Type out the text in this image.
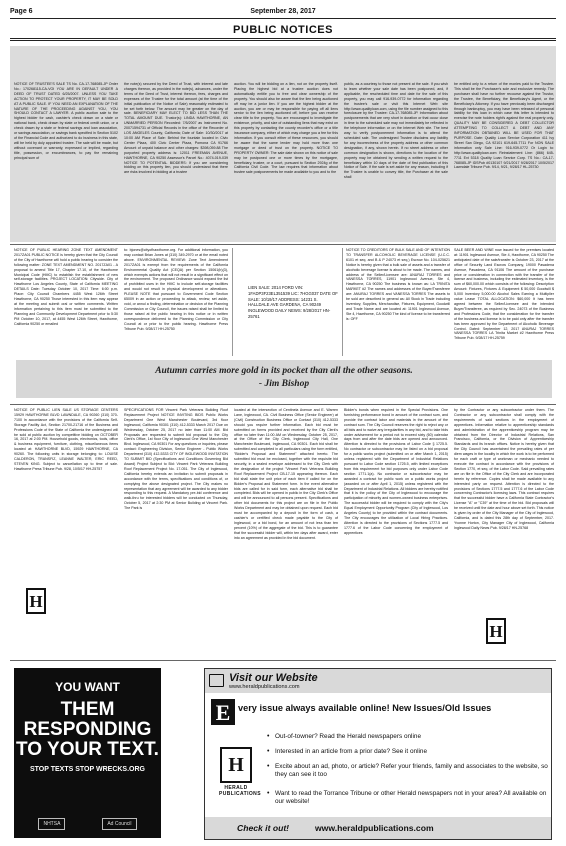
Page 6	September 28, 2017
PUBLIC NOTICES
NOTICE OF TRUSTEE'S SALE TS No. CA-17-768085-JP Order No.: 170268115-CA-VOI YOU ARE IN DEFAULT UNDER A DEED OF TRUST DATED 6/25/2007. UNLESS YOU TAKE ACTION TO PROTECT YOUR PROPERTY, IT MAY BE SOLD AT A PUBLIC SALE. IF YOU NEED AN EXPLANATION OF THE NATURE OF THE PROCEEDING AGAINST YOU, YOU SHOULD CONTACT A LAWYER. A public auction sale to the highest bidder for cash, cashier's check drawn on a state or national bank, check drawn by state or federal credit union, or a check drawn by a state or federal savings and loan association, or savings association, or savings bank specified in Section 5102 of the Financial Code and authorized to do business in this state, will be held by duly appointed trustee. The sale will be made, but without covenant or warranty, expressed or implied, regarding title, possession, or encumbrances, to pay the remaining principal sum of
the note(s) secured by the Deed of Trust, with interest and late charges thereon, as provided in the note(s), advances, under the terms of the Deed of Trust, interest thereon, fees, charges and expenses of the Trustee for the total amount (at the time of the initial publication of the Notice of Sale) reasonably estimated to be set forth below. The amount may be greater on the day of sale. BENEFICIARY MAY ELECT TO BID LESS THAN THE TOTAL AMOUNT DUE. Trustor(s): LINDA HAWTHORNE, AN UNMARRIED PERSON Recorded: 7/5/2007 as Instrument No. 20071594731 of Official Records in the office of the Recorder of LOS ANGELES County, California; Date of Sale: 10/30/2017 at 10:00 AM Place of Sale: Behind the fountain located in Civic Center Plaza, 400 Civic Center Plaza, Pomona CA 91766 Amount of unpaid balance and other charges: $398,059.88 The purported property address is: 12011 FREEMAN AVENUE, HAWTHORNE, CA 90250 Assessor's Parcel No.: 4074-019-039 NOTICE TO POTENTIAL BIDDERS: If you are considering bidding on this property lien, you should understand that there are risks involved in bidding at a trustee
auction. You will be bidding on a lien, not on the property itself. Placing the highest bid at a trustee auction does not automatically entitle you to free and clear ownership of the property. You should also be aware that the lien being auctioned off may be a junior lien. If you are the highest bidder at the auction, you are or may be responsible for paying off all liens senior to the lien being auctioned off, before you can receive clear title to the property. You are encouraged to investigate the existence, priority, and size of outstanding liens that may exist on this property by contacting the county recorder's office or a title insurance company, either of which may charge you a fee for this information. If you consult either of these resources, you should be aware that the same lender may hold more than one mortgage or deed of trust on the property. NOTICE TO PROPERTY OWNER: The sale date shown on this notice of sale may be postponed one or more times by the mortgagee, beneficiary, trustee, or a court, pursuant to Section 2924g of the California Civil Code. The law requires that information about trustee sale postponements be made available to you and to the
public, as a courtesy to those not present at the sale. If you wish to learn whether your sale date has been postponed, and, if applicable, the rescheduled time and date for the sale of this property, you may call 916-939-0772 for information regarding the trustee's sale or visit this Internet Web site http://www.qualityloan.com, using the file number assigned to this foreclosure by the Trustee: CA-17-768085-JP. Information about postponements that are very short in duration or that occur close in time to the scheduled sale may not immediately be reflected in the telephone information or on the Internet Web site. The best way to verify postponement information is to attend the scheduled sale. The undersigned Trustee disclaims any liability for any incorrectness of the property address or other common designation, if any, shown herein. If no street address or other common designation is shown, directions to the location of the property may be obtained by sending a written request to the beneficiary within 10 days of the date of first publication of this Notice of Sale. If the sale is set aside for any reason, including if the Trustee is unable to convey title, the Purchaser at the sale shall
be entitled only to a return of the monies paid to the Trustee. This shall be the Purchaser's sole and exclusive remedy. The purchaser shall have no further recourse against the Trustor, the Trustee, the Beneficiary, the Beneficiary's Agent, or the Beneficiary's Attorney. If you have previously been discharged through bankruptcy, you may have been released of personal liability for this loan in which case this letter is intended to exercise the note holders right's against the real property only. QUALITY MAY BE CONSIDERED A DEBT COLLECTOR ATTEMPTING TO COLLECT A DEBT AND ANY INFORMATION OBTAINED WILL BE USED FOR THAT PURPOSE. Date: Quality Loan Service Corporation 411 Ivy Street San Diego, CA 92101 619-645-7711 For NON SALE information only Sale Line: 916-939-0772 Or Login to: http://www.qualityloan.com Reinstatement Line: (866) 645-7711 Ext 5318 Quality Loan Service Corp. TS No.: CA-17-768085-JP IDSPub #0130107 9/21/2017 9/28/2017 10/5/2017 Lawndale Tribune Pub. 9/14, 9/21, 9/28/17 HL-25730
NOTICE OF PUBLIC HEARING ZONE TEXT AMENDMENT 2017ZA01 PUBLIC NOTICE is hereby given that the City Council of the City of Hawthorne will hold a public hearing to consider the following matter: ZONE TEXT AMENDMENT NO. 2017ZA01 - A proposal to amend Title 17, Chapter 17.10, of the Hawthorne Municipal Code (HMC) to establish the establishment of new self-storage facilities. PROJECT LOCATION: Citywide. City of Hawthorne Los Angeles County, State of California MEETING DETAILS Date: Tuesday October 10, 2017 Time: 6:00 p.m. Place: City Council Chambers 4455 West 126th Street Hawthorne, CA 90250 Those interested in this item may appear at the meeting and submit oral or written comments. Written information pertaining to this item must be submitted to the Planning and Community Development Department prior to 5:30 PM October 10, 2017, at 4455 West 126th Street, Hawthorne, California 90250 or emailed
to: bjones@cityofhawthorne.org. For additional information, you may contact Brian Jones at (310) 349-2970 or at the email noted above. ENVIRONMENTAL REVIEW: Zone Text Amendment 2017ZA01 is exempt from the requirements of the California Environmental Quality Act (CEQA) per Section 15061(b)(3), which exempts actions that will not result in a significant effect on the environment. The proposed Ordinance would expand the list of prohibited uses in the HMC to include self-storage facilities and would not result in physical development or alterations. PLEASE NOTE that pursuant to Government Code Section 65009 in an action or proceeding to attack, review, set aside, void, or annul a finding, determination or decision of the Planning Commission or City Council, the issues raised shall be limited to those raised at the public hearing in this notice or in written correspondence delivered to the Planning Commission or City Council at or prior to the public hearing. Hawthorne Press Tribune Pub. 9/28/17 HH-25750
LIEN SALE: 2014 FORD VIN: 1FADP3F23EL351539 LIC: 7HGG037 DATE OF SALE: 10/19/17 ADDRESS: 14231 S. HALLDALE AVE GARDENA, CA 90249 INGLEWOOD DAILY NEWS: 9/28/2017 HN-25761
NOTICE TO CREDITORS OF BULK SALE AND OF INTENTION TO TRANSFER ALCOHOLIC BEVERAGE LICENSE (U.C.C. 6101 et seq. and B & P 24073 et seq.) Escrow No. 104-025621 Notice is hereby given that a bulk sale of assets and a transfer of alcoholic beverage license is about to be made. The names, and address of the Seller/Licensee are: ANURAJ TORRES and VANESSA TORRES, 11901 Inglewood Avenue, Ste 4, Hawthorne, CA 90250 The business is known as: LA TRINITA MARKET #2 The names and addresses of the Buyer/Transferee are: ANURAJ TORRES and VANESSA TORRES The assets to be sold are described in general as: All Stock in Trade including inventory, Supplies, Merchandise, Fixtures, Equipment, Goodwill and Trade Name and are located at: 11901 Inglewood Avenue, Ste 4, Hawthorne, CA 90250 The kind of license to be transferred is: OFF
SALE BEER AND WINE now issued for the premises located at: 11901 Inglewood Avenue, Ste 4, Hawthorne, CA 90250 The anticipated date of the sale/transfer is October 23, 2017 at the office of Security Land Escrow Company, 19000 Pasadena Avenue, Pasadena, CA 91106 The amount of the purchase price or consideration in connection with the transfer of the license and business, including the estimated inventory, is the sum of $60,000.00 which consists of the following: Description Amount: Fixtures, Fixtures & Equipment $ 50,000 Goodwill $ 5,000 Inventory 5,000.00 Alcohol Sales Earning a Multiplier value Lease TOTAL ALLOCATION: $60,000 It has been agreed between the Seller/Licensee and the intended Buyer/Transferee, as required by Sec. 24073 of the Business and Professions Code, that the consideration for the transfer of the business and license is to be paid only after the transfer has been approved by the Department of Alcoholic Beverage Control. Dated: September 12, 2017 ANURAJ TORRES VANESSA TORRES LA Trinita Market #2 Hawthorne Press Tribune Pub. 9/28/17 HH-25759
Autumn carries more gold in its pocket than all the other seasons.
- Jim Bishop
NOTICE OF PUBLIC LIEN SALE US STORAGE CENTERS 15929 HAWTHORNE BLVD LAWNDALE, CA 90260 (310) 370-7100 In accordance with the provisions of the California Self-Storage Facility Act, Section 21700-21716 of the Business and Professions Code of the State of California the undersigned will be sold at public auction by competitive bidding on OCTOBER 16, 2017 at 2:00 PM. Household goods, electronics, tools, office & business equipment, furniture, clothing, miscellaneous items located at: HAWTHORNE BLVD, 15929 HAWTHORNE, CA 90260. The following units in storage belonging to: LOUISE CALDERON, TRANSFIZ, LEANNE WALTER, ERIC REED, STEVEN KING. Subject to cancellation up to time of sale. Hawthorne Press Tribune Pub. 9/28, 10/5/17 HH-25757
H
SPECIFICATIONS FOR Vincent Park Veterans Building Roof Replacement Project NOTICE INVITING BIDS Public Works Department One West Manchester Boulevard, 3rd floor Inglewood, California 90301 (310) 412-5333 March 2017 Due on Wednesday, October 25, 2017 no later than 11:00 AM. Bid Proposals are requested to submit bid proposal to the City Clerk's Office, 1st floor City of Inglewood One West Manchester Blvd. Inglewood, CA 90301 For any questions or inquiries, please contact: Engineering Division, Senior Engineer - Public Works Department (310) 412-5333 CITY OF INGLEWOOD INVITATION TO SUBMIT BID (Specifications and Conditions Governing Bid Award) Project Subject to Bid: Vincent Park Veterans Building Roof Replacement Project No. 17-051. The City of Inglewood, California hereby extends an invitation to submit proposals in accordance with the terms, specifications and conditions of, or complying the above designated project. The City makes no representation that any agreement will be awarded to any bidder responding to this request. A Mandatory pre-bid conference and walk-thru for interested bidders will be conducted on Thursday, October 5, 2017 at 2:30 PM at Senior Building at Vincent Park. The Park is
located at the intersection of Centinela Avenue and E. Warren Lane, Inglewood, CA. Civil Business Office (Senior Engineer) at (Civil) Construction Business Office or Contact (310) 412-5333 should you require further information. Each bid must be submitted on forms provided and received by the City Clerk's office no later than 11:00 AM on Wednesday, October 25, 2017, at the Office of the City Clerk, Inglewood City Hall, One Manchester Boulevard, Inglewood, CA 90301. Each bid shall be submitted and completed in all particulars using the form entitled, "Bidder's Proposal and Statement" attached hereto. The submitted bid must be enclosed, together with the requisite bid security, in a sealed envelope addressed to the City Clerk with the designation of the project "Vincent Park Veterans Building Roof Replacement Project CB-17-15 appearing thereon. Each bid shall state the unit price of each item if called for on the Bidder's Proposal and Statement form. In the event alternative bids are called for in said form, each alternative bid shall be completed. Bids will be opened in public in the City Clerk's Office and will be announced to all persons present. Specifications and other bid documents for this project are on file in the Public Works Department and may be obtained upon request. Each bid must be accompanied by a deposit in the form of cash, a cashier's or certified check made payable to the City of Inglewood, or a bid bond, for an amount of not less than ten percent (10%) of the aggregate of the bid. This is to guarantee that the successful bidder will, within ten days after award, enter into an agreement as provided in the bid document.
Bidder's bonds when required in the Special Provisions. One furnishing performance bond in amount of the contract sum, and provide the contract labor and materials in the amount of the contract sum. The City Council reserves the right to reject any or all bids and to waive any irregularities in any bid, and to take bids under advisement for a period not to exceed sixty (60) calendar days from and after the date bids are opened and announced. Attention is directed to the provisions of Labor Code § 1725.5. No contractor or subcontractor may be listed on a bid proposal for a public works project (submitted on or after March 1, 2015) unless registered with the Department of Industrial Relations pursuant to Labor Code section 1725.5, with limited exceptions from this requirement for bid purposes only under Labor Code section 1771.1(a). No contractor or subcontractor may be awarded a contract for public work on a public works project (awarded on or after April 1, 2015) unless registered with the Department of Industrial Relations. All bidders are hereby notified that it is the policy of the City of Inglewood to encourage the participation of minority and women-owned business enterprises. The successful bidder will be required to comply with the City's Equal Employment Opportunity Program (City of Inglewood, Los Angeles County) to be provided within the contract documents. The City encourages the utilization of Local Hiring Practices. Attention is directed to the provisions of Sections 1777.5 and 1777.6 of the Labor Code concerning the employment of apprentices
by the Contractor or any subcontractor under them. The Contractor or any subcontractor shall comply with the requirements of said sections in the employment of apprentices. Information relative to apprenticeship standards and administration of the apprenticeship program may be obtained from the Director of Industrial Relations, San Francisco, California, or the Division of Apprenticeship Standards and its branch offices. Notice is hereby given that the City Council has ascertained the prevailing rates of per diem wages in the locality in which the work is to be performed for each craft or type of workman or mechanic needed to execute the contract in accordance with the provisions of Section 1770, et seq. of the Labor Code. Said prevailing rates are on file in the Office of the City Clerk and are incorporated herein by reference. Copies shall be made available to any interested party on request. Attention is directed to the provisions of Sections 1777.5 and 1777.6 of the Labor Code concerning Contractor's licensing laws. This contract requires that the successful bidder have a California State Contractor's License "A" or "C39" at the time of the bid. Bid proposals will be received until the date and hour above set forth. This notice is given by order of the City Manager of the City of Inglewood, California, and is dated this 28th day of September, 2017. Yvonne Horton, City Manager City of Inglewood, California Inglewood Daily News Pub. 9/28/17 HN-25768
H
YOU WANT
THEM RESPONDING TO YOUR TEXT.
STOP TEXTS STOP WRECKS.ORG
NHTSA	Ad Council
Visit our Website
www.heraldpublications.com
E very issue always available online! New Issues/Old Issues
H
HERALD PUBLICATIONS
• Out-of-towner? Read the Herald newspapers online
• Interested in an article from a prior date? See it online
• Excite about an ad, photo, or article? Refer your friends, family and associates to the website, so they can see it too
• Want to read the Torrance Tribune or other Herald newspapers not in your area? All available on our website!
Check it out!	www.heraldpublications.com
